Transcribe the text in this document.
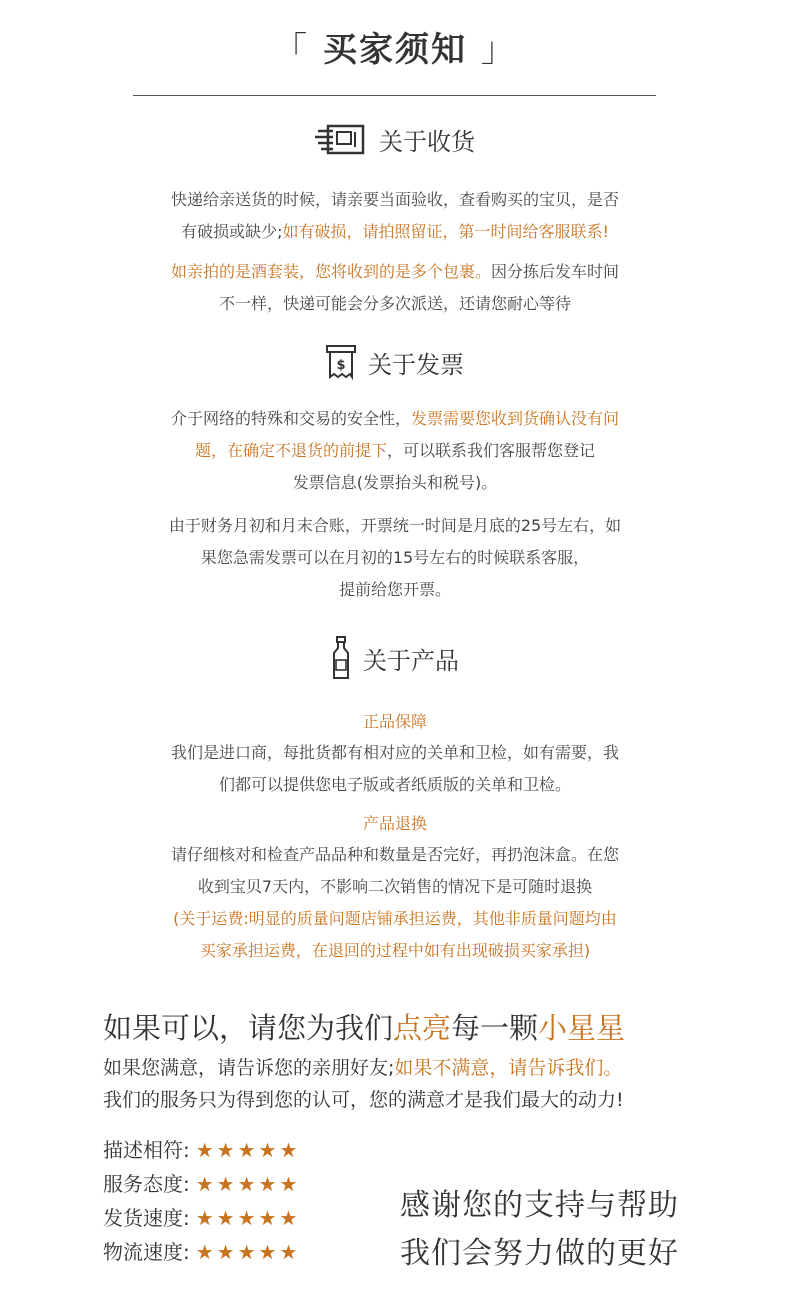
「 买家须知 」
关于收货
快递给亲送货的时候，请亲要当面验收，查看购买的宝贝，是否
有破损或缺少;如有破损，请拍照留证，第一时间给客服联系!
如亲拍的是酒套装，您将收到的是多个包裹。因分拣后发车时间
不一样，快递可能会分多次派送，还请您耐心等待
$ 关于发票
介于网络的特殊和交易的安全性，发票需要您收到货确认没有问
题，在确定不退货的前提下，可以联系我们客服帮您登记
发票信息(发票抬头和税号)。
由于财务月初和月末合账，开票统一时间是月底的25号左右，如
果您急需发票可以在月初的15号左右的时候联系客服，
提前给您开票。
关于产品
正品保障
我们是进口商，每批货都有相对应的关单和卫检，如有需要，我
们都可以提供您电子版或者纸质版的关单和卫检。
产品退换
请仔细核对和检查产品品种和数量是否完好，再扔泡沫盒。在您
收到宝贝7天内，不影响二次销售的情况下是可随时退换
(关于运费:明显的质量问题店铺承担运费，其他非质量问题均由
买家承担运费，在退回的过程中如有出现破损买家承担)
如果可以，请您为我们点亮每一颗小星星
如果您满意，请告诉您的亲朋好友;如果不满意，请告诉我们。
我们的服务只为得到您的认可，您的满意才是我们最大的动力!
描述相符: ★★★★★
服务态度: ★★★★★
发货速度: ★★★★★
物流速度: ★★★★★
感谢您的支持与帮助
我们会努力做的更好
